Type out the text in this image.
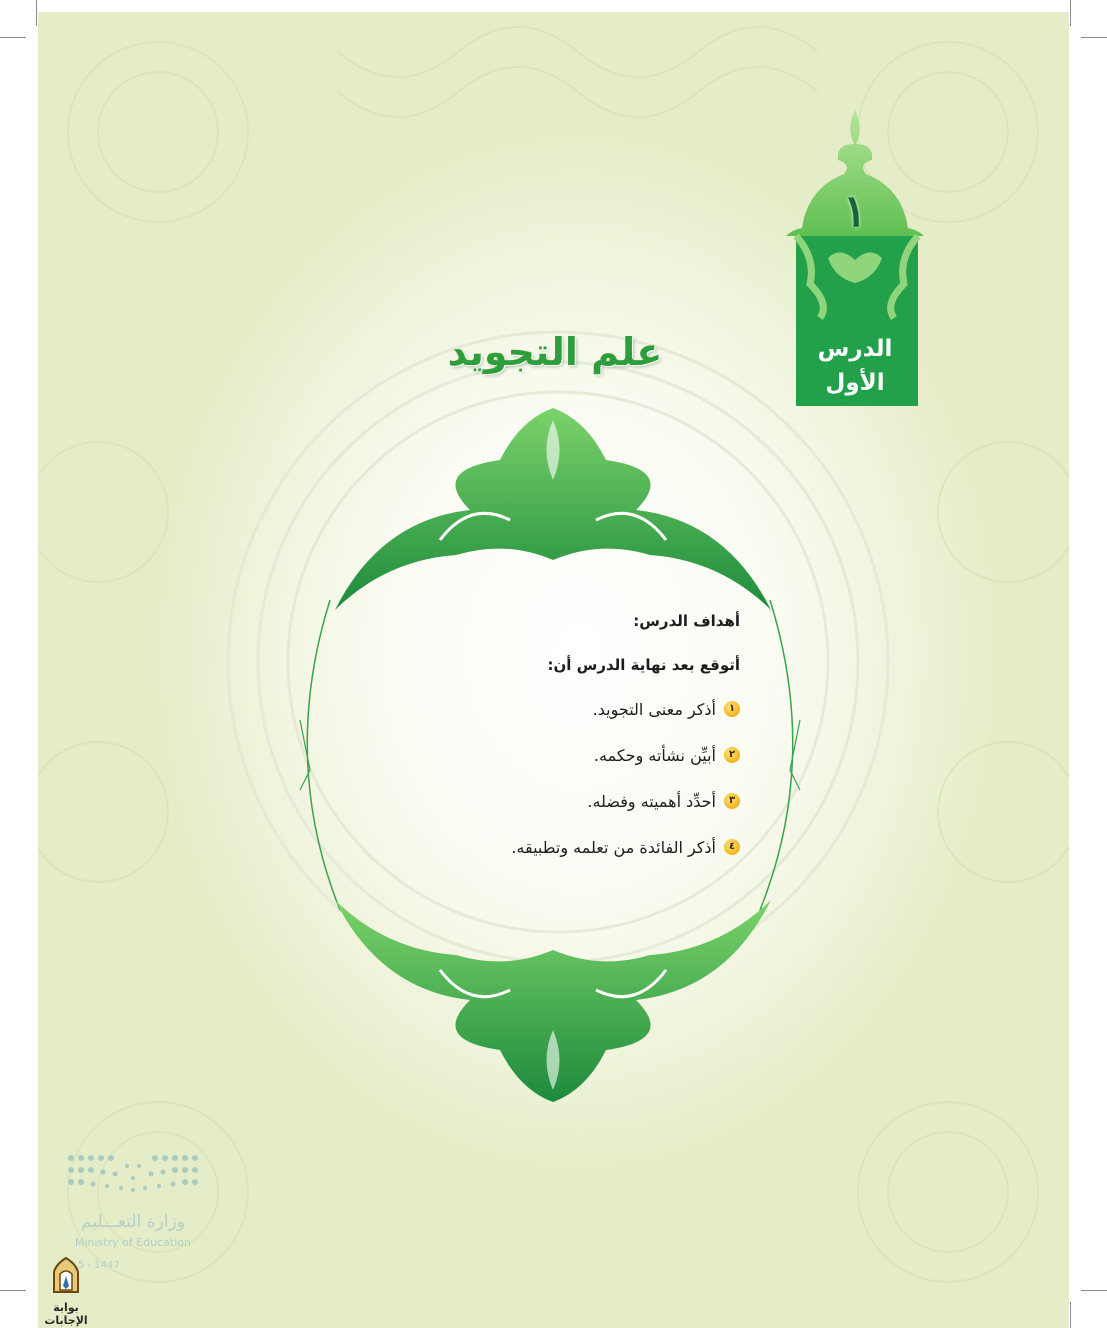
١
الدرس
الأول
علم التجويد
أهداف الدرس:
أتوقع بعد نهاية الدرس أن:
١
أذكر معنى التجويد.
٢
أبيِّن نشأته وحكمه.
٣
أحدِّد أهميته وفضله.
٤
أذكر الفائدة من تعلمه وتطبيقه.
وزارة التعـــليم
Ministry of Education
5 - 1447
بوابة الإجابات
